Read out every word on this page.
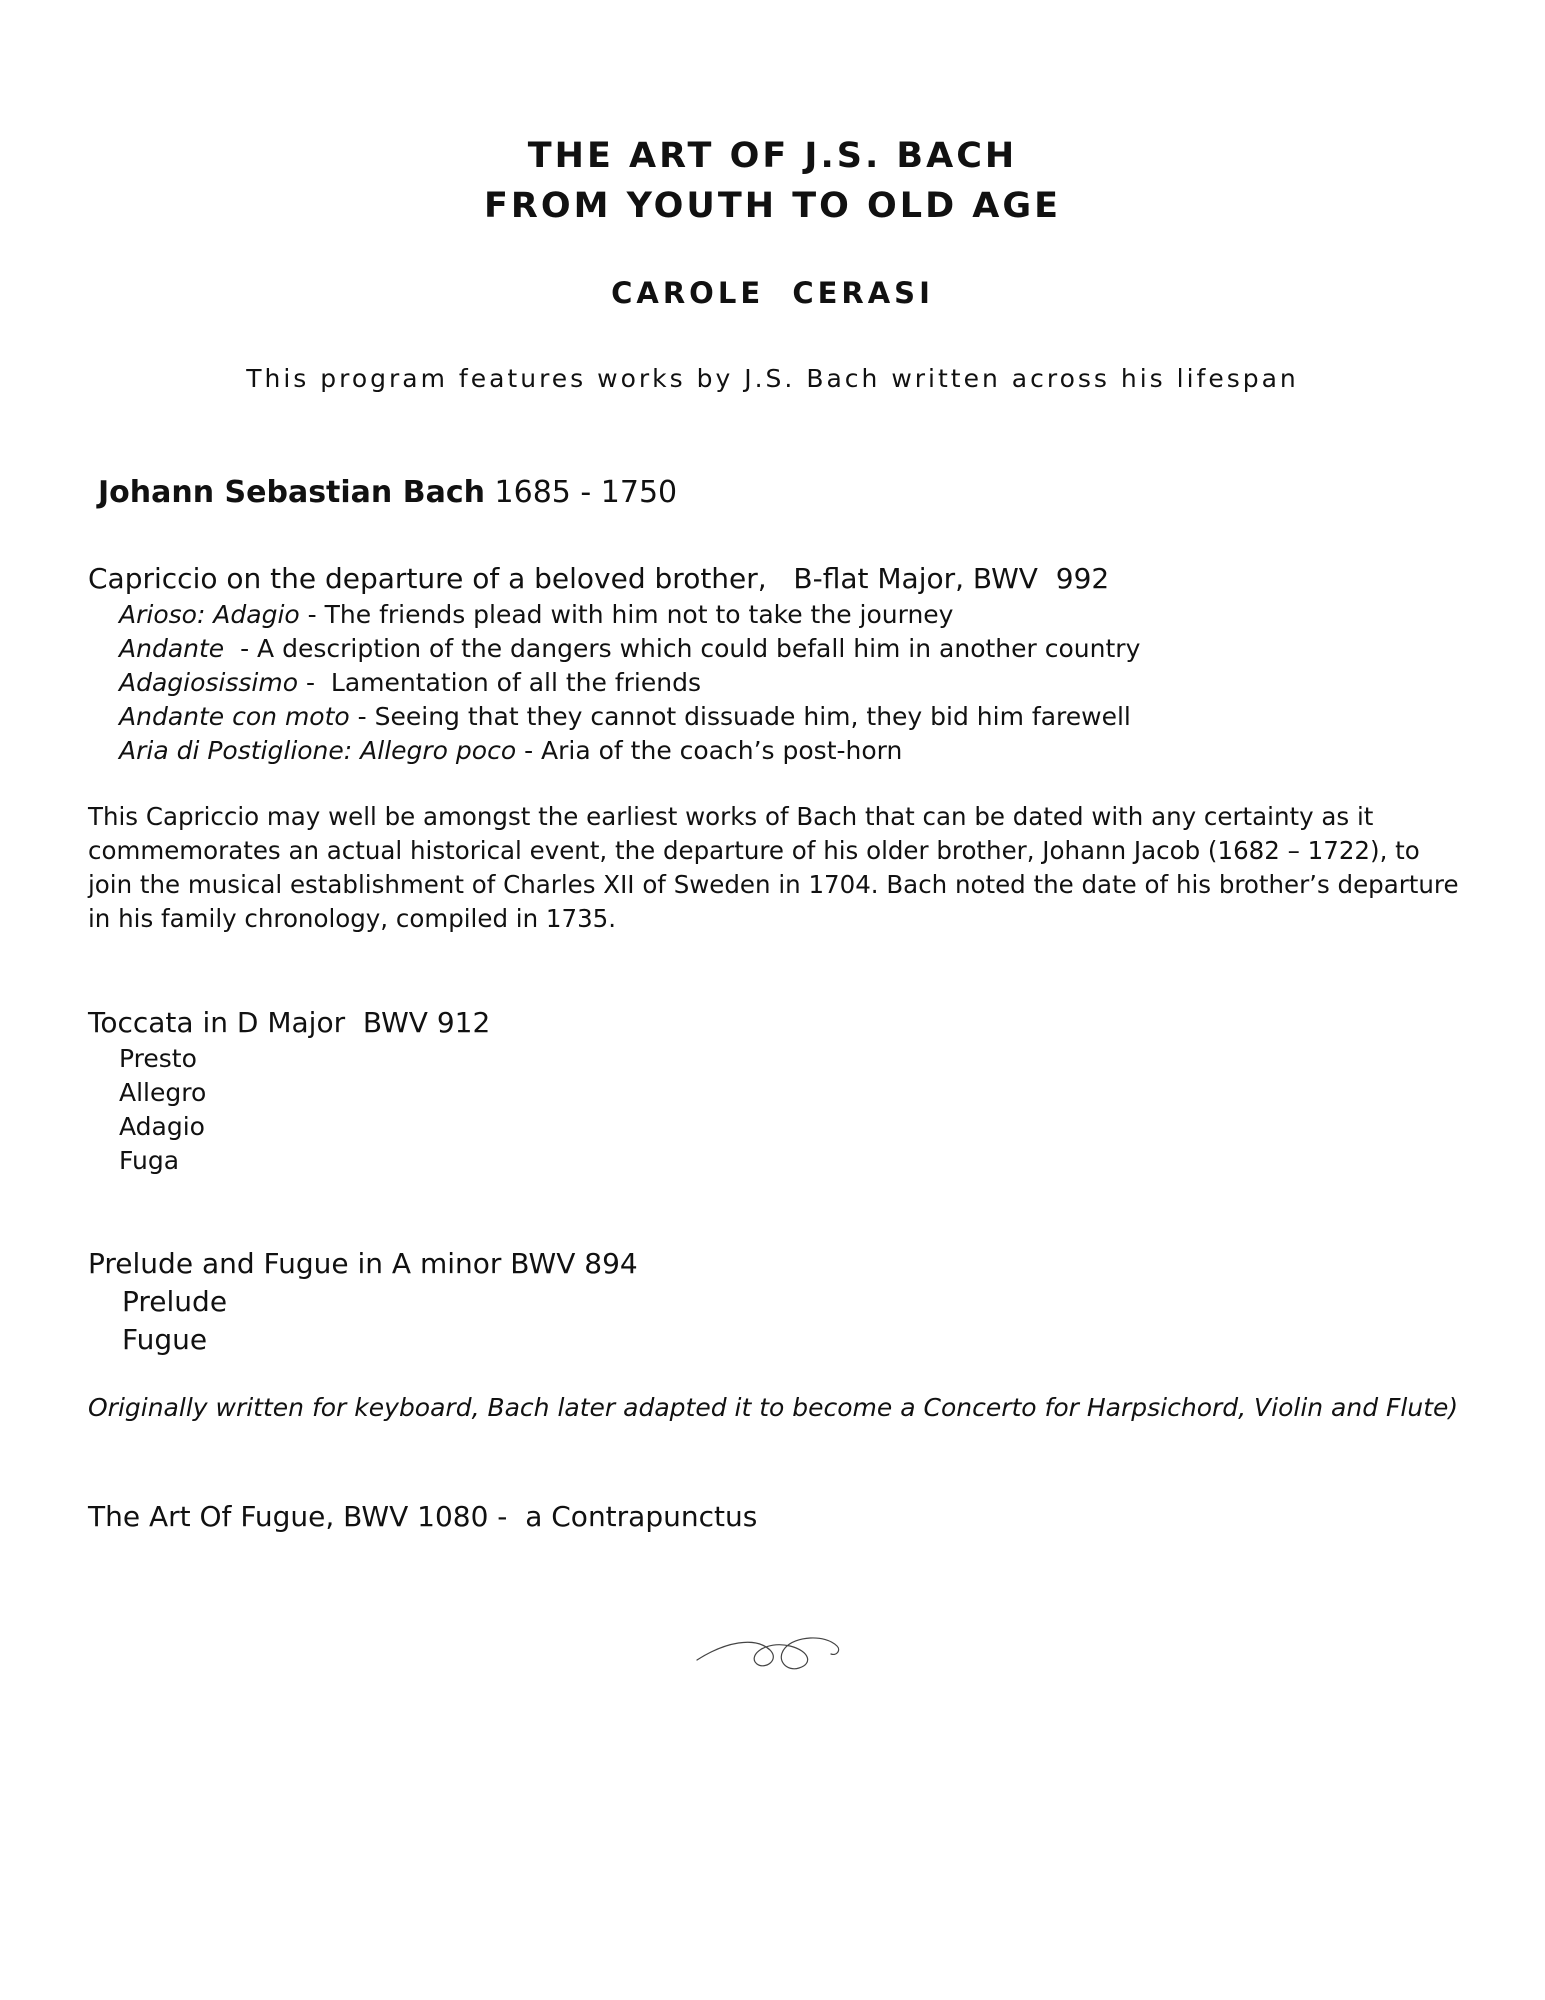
THE ART OF J.S. BACH
FROM YOUTH TO OLD AGE
CAROLE  CERASI
This program features works by J.S. Bach written across his lifespan
Johann Sebastian Bach 1685 - 1750
Capriccio on the departure of a beloved brother,   B-flat Major, BWV  992
Arioso: Adagio - The friends plead with him not to take the journey
Andante  - A description of the dangers which could befall him in another country
Adagiosissimo -  Lamentation of all the friends
Andante con moto - Seeing that they cannot dissuade him, they bid him farewell
Aria di Postiglione: Allegro poco - Aria of the coach’s post-horn
This Capriccio may well be amongst the earliest works of Bach that can be dated with any certainty as it commemorates an actual historical event, the departure of his older brother, Johann Jacob (1682 – 1722), to join the musical establishment of Charles XII of Sweden in 1704. Bach noted the date of his brother’s departure in his family chronology, compiled in 1735.
Toccata in D Major  BWV 912
Presto
Allegro
Adagio
Fuga
Prelude and Fugue in A minor BWV 894
Prelude
Fugue
Originally written for keyboard, Bach later adapted it to become a Concerto for Harpsichord, Violin and Flute)
The Art Of Fugue, BWV 1080 -  a Contrapunctus
